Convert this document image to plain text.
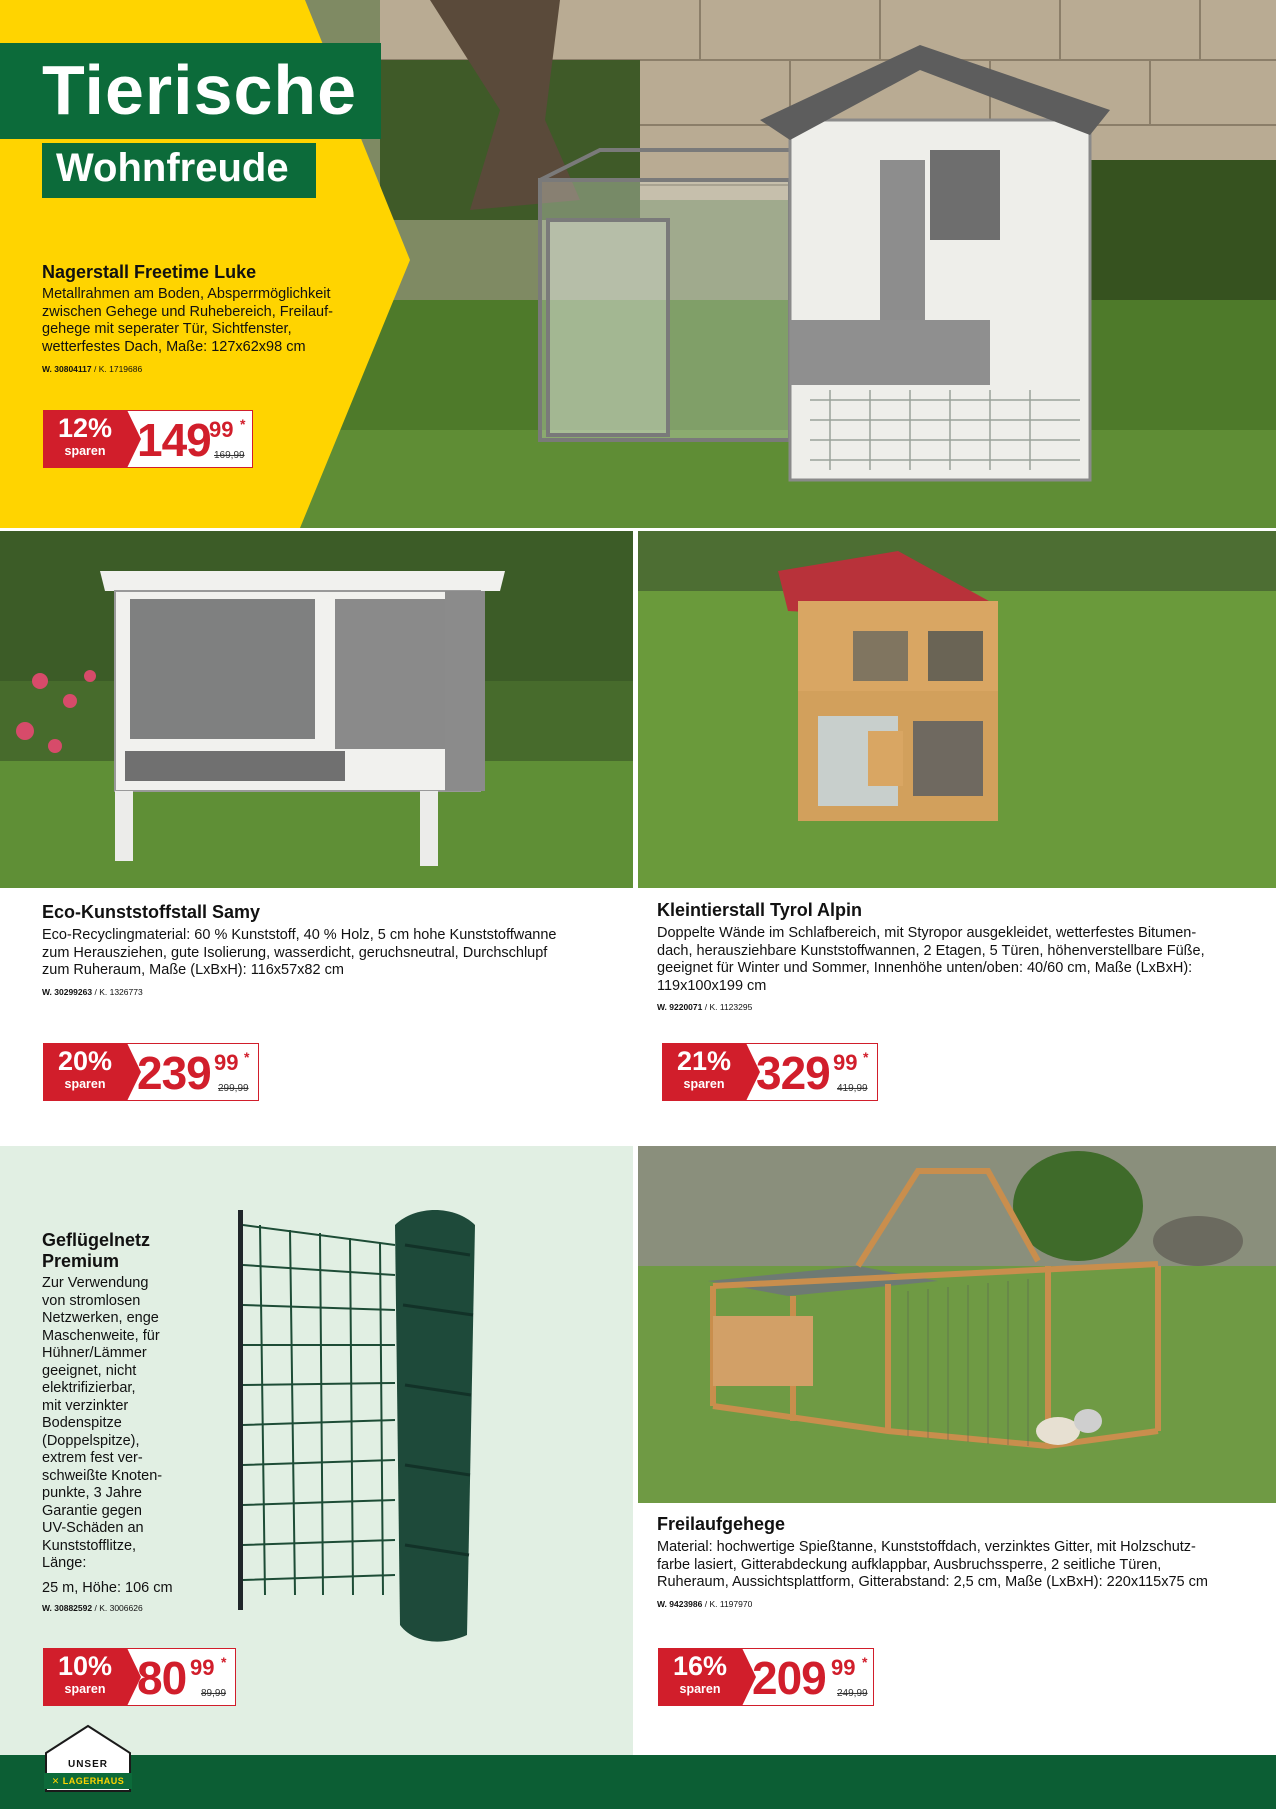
Tierische
Wohnfreude
Nagerstall Freetime Luke
Metallrahmen am Boden, Absperrmöglichkeit
zwischen Gehege und Ruhebereich, Freilauf-
gehege mit seperater Tür, Sichtfenster,
wetterfestes Dach, Maße: 127x62x98 cm
W. 30804117 / K. 1719686
12%
sparen 149
99 *
169,99
Eco-Kunststoffstall Samy
Eco-Recyclingmaterial: 60 % Kunststoff, 40 % Holz, 5 cm hohe Kunststoffwanne
zum Herausziehen, gute Isolierung, wasserdicht, geruchsneutral, Durchschlupf
zum Ruheraum, Maße (LxBxH): 116x57x82 cm
W. 30299263 / K. 1326773
20%
sparen 239 99 *
299,99
Kleintierstall Tyrol Alpin
Doppelte Wände im Schlafbereich, mit Styropor ausgekleidet, wetterfestes Bitumen-
dach, herausziehbare Kunststoffwannen, 2 Etagen, 5 Türen, höhenverstellbare Füße,
geeignet für Winter und Sommer, Innenhöhe unten/oben: 40/60 cm, Maße (LxBxH):
119x100x199 cm
W. 9220071 / K. 1123295
21%
sparen 329 99 *
419,99
Geflügelnetz
Premium
Zur Verwendung
von stromlosen
Netzwerken, enge
Maschenweite, für
Hühner/Lämmer
geeignet, nicht
elektrifizierbar,
mit verzinkter
Bodenspitze
(Doppelspitze),
extrem fest ver-
schweißte Knoten-
punkte, 3 Jahre
Garantie gegen
UV-Schäden an
Kunststofflitze,
Länge:
25 m, Höhe: 106 cm
W. 30882592 / K. 3006626
10%
sparen 80 99 *
89,99
Freilaufgehege
Material: hochwertige Spießtanne, Kunststoffdach, verzinktes Gitter, mit Holzschutz-
farbe lasiert, Gitterabdeckung aufklappbar, Ausbruchssperre, 2 seitliche Türen,
Ruheraum, Aussichtsplattform, Gitterabstand: 2,5 cm, Maße (LxBxH): 220x115x75 cm
W. 9423986 / K. 1197970
16%
sparen 209 99 *
249,99
UNSER
✕ LAGERHAUS
